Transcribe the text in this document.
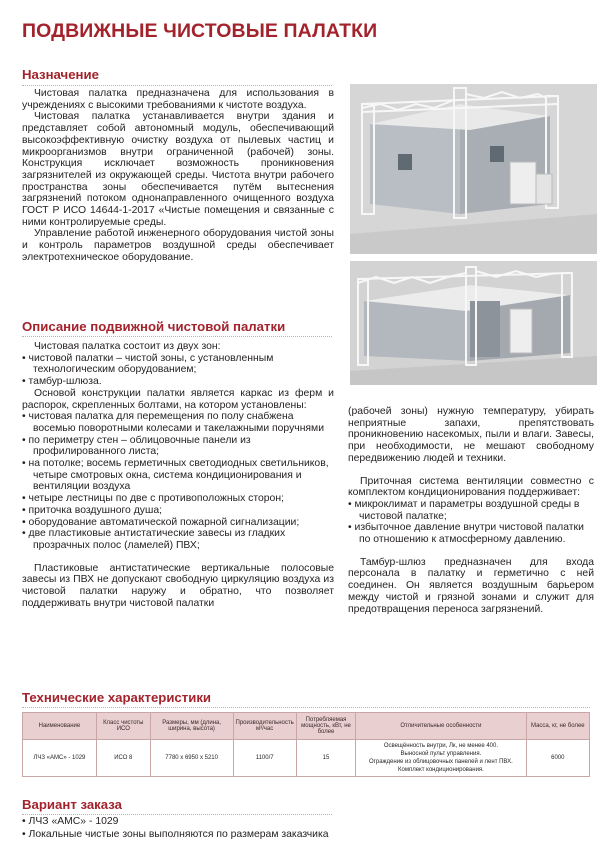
ПОДВИЖНЫЕ ЧИСТОВЫЕ ПАЛАТКИ
Назначение

Чистовая палатка предназначена для использования в учреждениях с высокими требованиями к чистоте воздуха.

Чистовая палатка устанавливается внутри здания и представляет собой автономный модуль, обеспечивающий высокоэффективную очистку воздуха от пылевых частиц и микроорганизмов внутри ограниченной (рабочей) зоны. Конструкция исключает возможность проникновения загрязнителей из окружающей среды. Чистота внутри рабочего пространства зоны обеспечивается путём вытеснения загрязнений потоком однонаправленного очищенного воздуха ГОСТ Р ИСО 14644-1-2017 «Чистые помещения и связанные с ними контролируемые среды.

Управление работой инженерного оборудования чистой зоны и контроль параметров воздушной среды обеспечивает электротехническое оборудование.

Описание подвижной чистовой палатки

Чистовая палатка состоит из двух зон:

• чистовой палатки – чистой зоны, с установленным технологическим оборудованием;
• тамбур-шлюза.

Основой конструкции палатки является каркас из ферм и распорок, скрепленных болтами, на котором установлены:

• чистовая палатка для перемещения по полу снабжена восемью поворотными колесами и такелажными поручнями
• по периметру стен – облицовочные панели из профилированного листа;
• на потолке; восемь герметичных светодиодных светильников, четыре смотровых окна, система кондиционирования и вентиляции воздуха
• четыре лестницы по две с противоположных сторон;
• приточка воздушного душа;
• оборудование автоматической пожарной сигнализации;
• две пластиковые антистатические завесы из гладких прозрачных полос (ламелей) ПВХ;

Пластиковые антистатические вертикальные полосовые завесы из ПВХ не допускают свободную циркуляцию воздуха из чистовой палатки наружу и обратно, что позволяет поддерживать внутри чистовой палатки

(рабочей зоны) нужную температуру, убирать неприятные запахи, препятствовать проникновению насекомых, пыли и влаги. Завесы, при необходимости, не мешают свободному передвижению людей и техники.

Приточная система вентиляции совместно с комплектом кондиционирования поддерживает:

• микроклимат и параметры воздушной среды в чистовой палатке;
• избыточное давление внутри чистовой палатки по отношению к атмосферному давлению.

Тамбур-шлюз предназначен для входа персонала в палатку и герметично с ней соединен. Он является воздушным барьером между чистой и грязной зонами и служит для предотвращения переноса загрязнений.

Технические характеристики
Наименование	Класс чистоты ИСО	Размеры, мм (длина, ширина, высота)	Производительность м³/час	Потребляемая мощность, кВт, не более	Отличительные особенности	Масса, кг, не более
ЛЧЗ «АМС» - 1029	ИСО 8	7780 х 6950 х 5210	1100/7	15	Освещённость внутри, Лк, не менее 400.
Выносной пульт управления.
Ограждение из облицовочных панелей и лент ПВХ.
Комплект кондиционирования.	6000
Вариант заказа
• ЛЧЗ «АМС» - 1029
• Локальные чистые зоны выполняются по размерам заказчика
